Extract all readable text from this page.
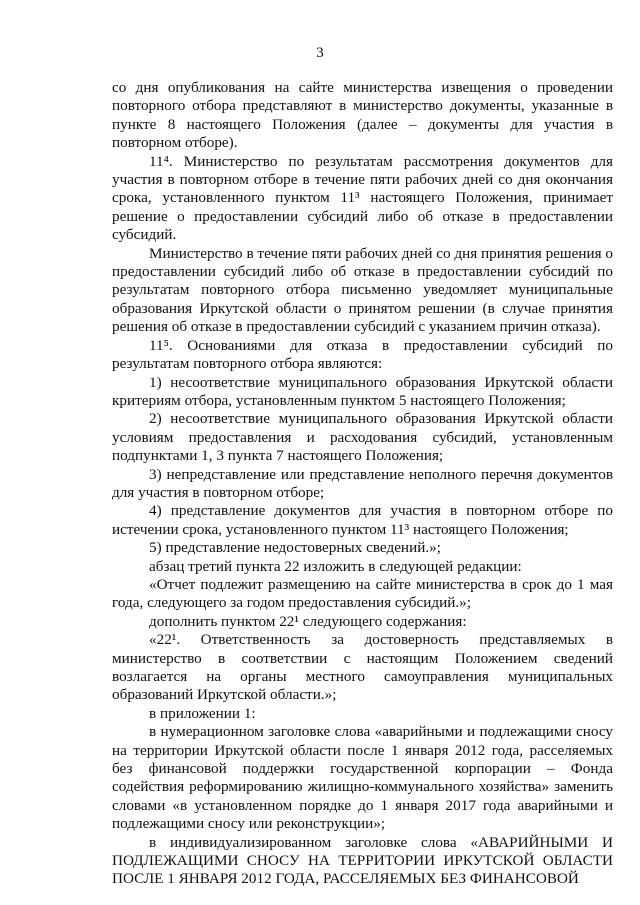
3

со дня опубликования на сайте министерства извещения о проведении повторного отбора представляют в министерство документы, указанные в пункте 8 настоящего Положения (далее – документы для участия в повторном отборе).

11⁴. Министерство по результатам рассмотрения документов для участия в повторном отборе в течение пяти рабочих дней со дня окончания срока, установленного пунктом 11³ настоящего Положения, принимает решение о предоставлении субсидий либо об отказе в предоставлении субсидий.

Министерство в течение пяти рабочих дней со дня принятия решения о предоставлении субсидий либо об отказе в предоставлении субсидий по результатам повторного отбора письменно уведомляет муниципальные образования Иркутской области о принятом решении (в случае принятия решения об отказе в предоставлении субсидий с указанием причин отказа).

11⁵. Основаниями для отказа в предоставлении субсидий по результатам повторного отбора являются:

1) несоответствие муниципального образования Иркутской области критериям отбора, установленным пунктом 5 настоящего Положения;

2) несоответствие муниципального образования Иркутской области условиям предоставления и расходования субсидий, установленным подпунктами 1, 3 пункта 7 настоящего Положения;

3) непредставление или представление неполного перечня документов для участия в повторном отборе;

4) представление документов для участия в повторном отборе по истечении срока, установленного пунктом 11³ настоящего Положения;

5) представление недостоверных сведений.»;

абзац третий пункта 22 изложить в следующей редакции:

«Отчет подлежит размещению на сайте министерства в срок до 1 мая года, следующего за годом предоставления субсидий.»;

дополнить пунктом 22¹ следующего содержания:

«22¹. Ответственность за достоверность представляемых в министерство в соответствии с настоящим Положением сведений возлагается на органы местного самоуправления муниципальных образований Иркутской области.»;

в приложении 1:

в нумерационном заголовке слова «аварийными и подлежащими сносу на территории Иркутской области после 1 января 2012 года, расселяемых без финансовой поддержки государственной корпорации – Фонда содействия реформированию жилищно-коммунального хозяйства» заменить словами «в установленном порядке до 1 января 2017 года аварийными и подлежащими сносу или реконструкции»;

в индивидуализированном заголовке слова «АВАРИЙНЫМИ И ПОДЛЕЖАЩИМИ СНОСУ НА ТЕРРИТОРИИ ИРКУТСКОЙ ОБЛАСТИ ПОСЛЕ 1 ЯНВАРЯ 2012 ГОДА, РАССЕЛЯЕМЫХ БЕЗ ФИНАНСОВОЙ
